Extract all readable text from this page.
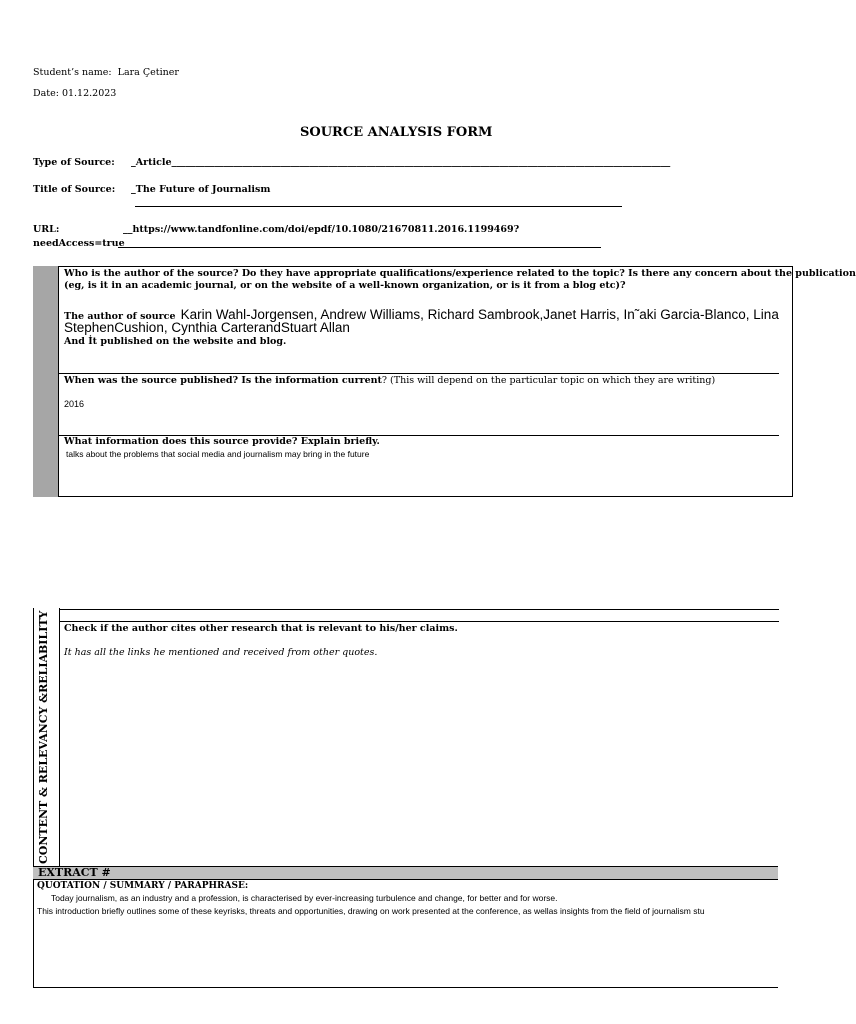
Student’s name: Lara Çetiner
Date: 01.12.2023
SOURCE ANALYSIS FORM
Type of Source: _Article_________________________________________________________________________________________________________
Title of Source: _The Future of Journalism
URL:	__https://www.tandfonline.com/doi/epdf/10.1080/21670811.2016.1199469?
needAccess=true
Who is the author of the source? Do they have appropriate qualifications/experience related to the topic? Is there any concern about the publication
(eg, is it in an academic journal, or on the website of a well-known organization, or is it from a blog etc)?
The author of source Karin Wahl-Jorgensen, Andrew Williams, Richard Sambrook,Janet Harris, In˜aki Garcia-Blanco, Lina
StephenCushion, Cynthia CarterandStuart Allan
And İt published on the website and blog.
When was the source published? Is the information current? (This will depend on the particular topic on which they are writing)
2016
What information does this source provide? Explain briefly.
talks about the problems that social media and journalism may bring in the future
CONTENT & RELEVANCY &RELIABILITY Check if the author cites other research that is relevant to his/her claims.
It has all the links he mentioned and received from other quotes.
EXTRACT #
QUOTATION / SUMMARY / PARAPHRASE:
Today journalism, as an industry and a profession, is characterised by ever-increasing turbulence and change, for better and for worse.
This introduction briefly outlines some of these keyrisks, threats and opportunities, drawing on work presented at the conference, as wellas insights from the field of journalism stu
